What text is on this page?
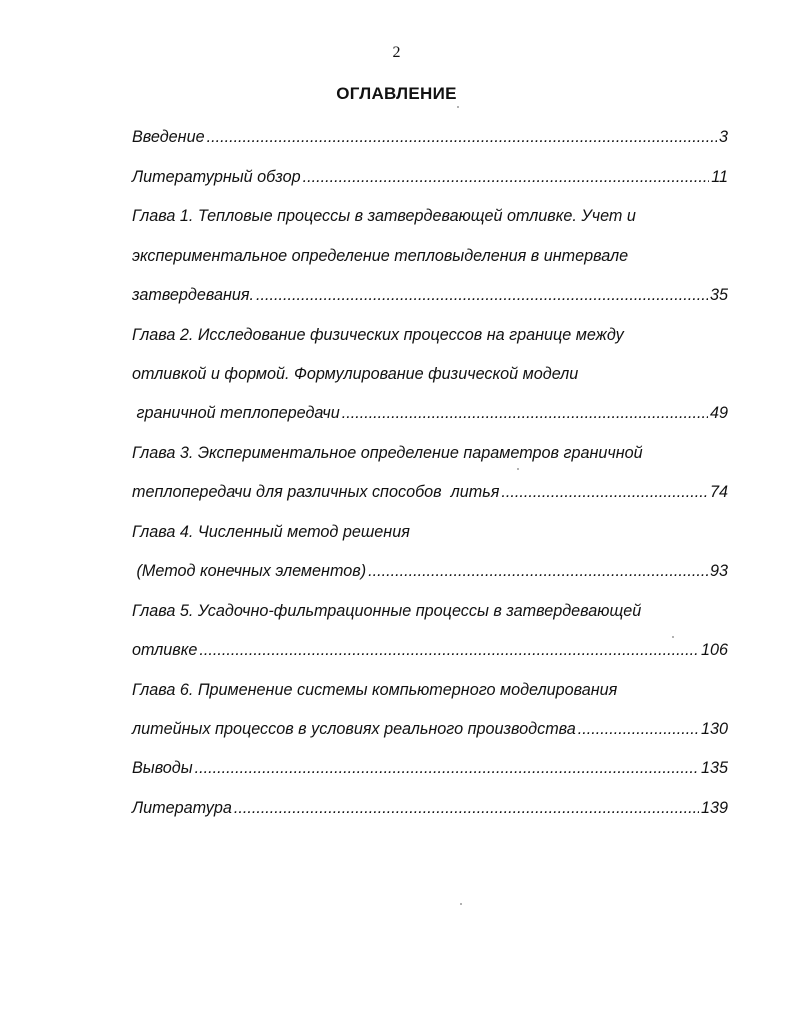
2
ОГЛАВЛЕНИЕ
Введение .....	3
Литературный обзор .....	11
Глава 1. Тепловые процессы в затвердевающей отливке. Учет и
экспериментальное определение тепловыделения в интервале
затвердевания. .....	35
Глава 2. Исследование физических процессов на границе между
отливкой и формой. Формулирование физической модели
граничной теплопередачи .....	49
Глава 3. Экспериментальное определение параметров граничной
теплопередачи для различных способов  литья .....	74
Глава 4. Численный метод решения
(Метод конечных элементов) .....	93
Глава 5. Усадочно-фильтрационные процессы в затвердевающей
отливке .....	106
Глава 6. Применение системы компьютерного моделирования
литейных процессов в условиях реального производства .....	130
Выводы .....	135
Литература .....	139
